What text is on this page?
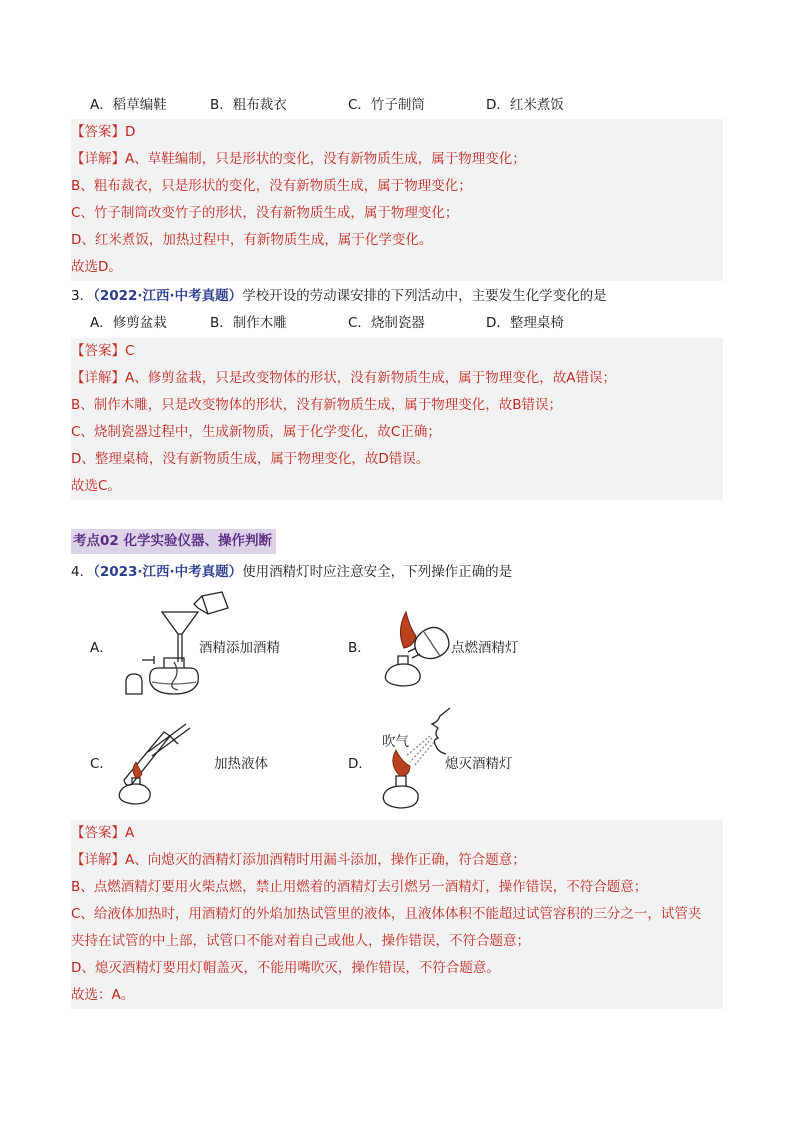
A．稻草编鞋	B．粗布裁衣	C．竹子制筒	D．红米煮饭
【答案】D
【详解】A、草鞋编制，只是形状的变化，没有新物质生成，属于物理变化；
B、粗布裁衣，只是形状的变化，没有新物质生成，属于物理变化；
C、竹子制筒改变竹子的形状，没有新物质生成，属于物理变化；
D、红米煮饭，加热过程中，有新物质生成，属于化学变化。
故选D。
3．（2022·江西·中考真题）学校开设的劳动课安排的下列活动中，主要发生化学变化的是
A．修剪盆栽	B．制作木雕	C．烧制瓷器	D．整理桌椅
【答案】C
【详解】A、修剪盆栽，只是改变物体的形状，没有新物质生成，属于物理变化，故A错误；
B、制作木雕，只是改变物体的形状，没有新物质生成，属于物理变化，故B错误；
C、烧制瓷器过程中，生成新物质，属于化学变化，故C正确；
D、整理桌椅，没有新物质生成，属于物理变化，故D错误。
故选C。
考点02 化学实验仪器、操作判断
4．（2023·江西·中考真题）使用酒精灯时应注意安全，下列操作正确的是
A．	酒精添加酒精	B．	点燃酒精灯
C．	加热液体	D．
吹气
熄灭酒精灯
【答案】A
【详解】A、向熄灭的酒精灯添加酒精时用漏斗添加，操作正确，符合题意；
B、点燃酒精灯要用火柴点燃，禁止用燃着的酒精灯去引燃另一酒精灯，操作错误，不符合题意；
C、给液体加热时，用酒精灯的外焰加热试管里的液体，且液体体积不能超过试管容积的三分之一，试管夹
夹持在试管的中上部，试管口不能对着自己或他人，操作错误，不符合题意；
D、熄灭酒精灯要用灯帽盖灭，不能用嘴吹灭，操作错误，不符合题意。
故选：A。
